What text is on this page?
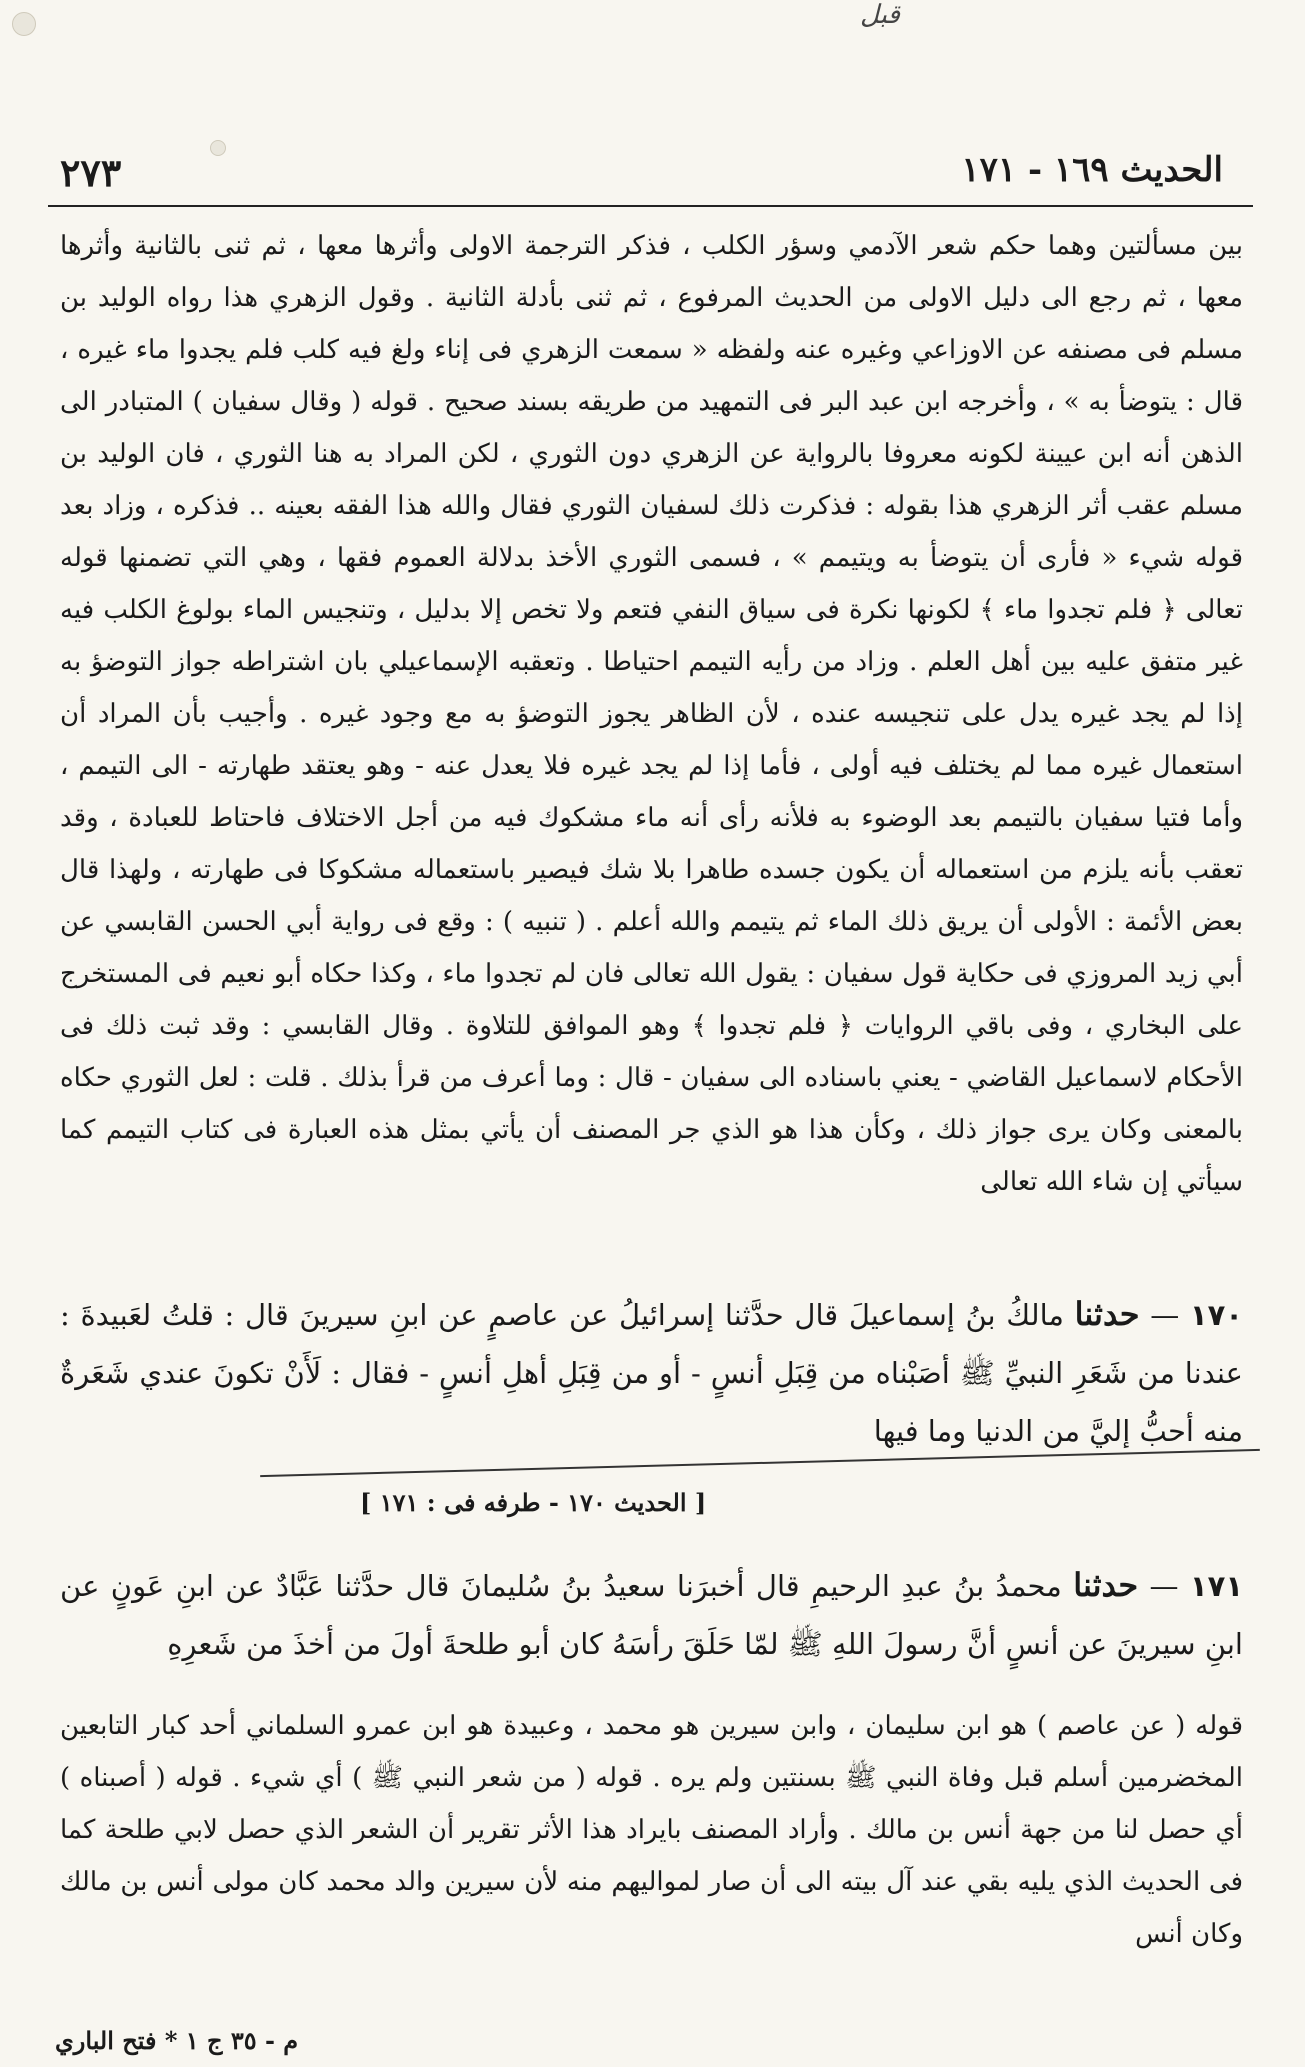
قبل
الحديث ١٦٩ - ١٧١
٢٧٣
بين مسألتين وهما حكم شعر الآدمي وسؤر الكلب ، فذكر الترجمة الاولى وأثرها معها ، ثم ثنى بالثانية وأثرها معها ، ثم رجع الى دليل الاولى من الحديث المرفوع ، ثم ثنى بأدلة الثانية . وقول الزهري هذا رواه الوليد بن مسلم فى مصنفه عن الاوزاعي وغيره عنه ولفظه « سمعت الزهري فى إناء ولغ فيه كلب فلم يجدوا ماء غيره ، قال : يتوضأ به » ، وأخرجه ابن عبد البر فى التمهيد من طريقه بسند صحيح . قوله ( وقال سفيان ) المتبادر الى الذهن أنه ابن عيينة لكونه معروفا بالرواية عن الزهري دون الثوري ، لكن المراد به هنا الثوري ، فان الوليد بن مسلم عقب أثر الزهري هذا بقوله : فذكرت ذلك لسفيان الثوري فقال والله هذا الفقه بعينه .. فذكره ، وزاد بعد قوله شيء « فأرى أن يتوضأ به ويتيمم » ، فسمى الثوري الأخذ بدلالة العموم فقها ، وهي التي تضمنها قوله تعالى ﴿ فلم تجدوا ماء ﴾ لكونها نكرة فى سياق النفي فتعم ولا تخص إلا بدليل ، وتنجيس الماء بولوغ الكلب فيه غير متفق عليه بين أهل العلم . وزاد من رأيه التيمم احتياطا . وتعقبه الإسماعيلي بان اشتراطه جواز التوضؤ به إذا لم يجد غيره يدل على تنجيسه عنده ، لأن الظاهر يجوز التوضؤ به مع وجود غيره . وأجيب بأن المراد أن استعمال غيره مما لم يختلف فيه أولى ، فأما إذا لم يجد غيره فلا يعدل عنه - وهو يعتقد طهارته - الى التيمم ، وأما فتيا سفيان بالتيمم بعد الوضوء به فلأنه رأى أنه ماء مشكوك فيه من أجل الاختلاف فاحتاط للعبادة ، وقد تعقب بأنه يلزم من استعماله أن يكون جسده طاهرا بلا شك فيصير باستعماله مشكوكا فى طهارته ، ولهذا قال بعض الأئمة : الأولى أن يريق ذلك الماء ثم يتيمم والله أعلم . ( تنبيه ) : وقع فى رواية أبي الحسن القابسي عن أبي زيد المروزي فى حكاية قول سفيان : يقول الله تعالى فان لم تجدوا ماء ، وكذا حكاه أبو نعيم فى المستخرج على البخاري ، وفى باقي الروايات ﴿ فلم تجدوا ﴾ وهو الموافق للتلاوة . وقال القابسي : وقد ثبت ذلك فى الأحكام لاسماعيل القاضي - يعني باسناده الى سفيان - قال : وما أعرف من قرأ بذلك . قلت : لعل الثوري حكاه بالمعنى وكان يرى جواز ذلك ، وكأن هذا هو الذي جر المصنف أن يأتي بمثل هذه العبارة فى كتاب التيمم كما سيأتي إن شاء الله تعالى
١٧٠ — حدثنا مالكُ بنُ إسماعيلَ قال حدَّثنا إسرائيلُ عن عاصمٍ عن ابنِ سيرينَ قال : قلتُ لعَبيدةَ : عندنا من شَعَرِ النبيِّ ﷺ أصَبْناه من قِبَلِ أنسٍ - أو من قِبَلِ أهلِ أنسٍ - فقال : لَأَنْ تكونَ عندي شَعَرةٌ منه أحبُّ إليَّ من الدنيا وما فيها
[ الحديث ١٧٠ - طرفه فى : ١٧١ ]
١٧١ — حدثنا محمدُ بنُ عبدِ الرحيمِ قال أخبرَنا سعيدُ بنُ سُليمانَ قال حدَّثنا عَبَّادٌ عن ابنِ عَونٍ عن ابنِ سيرينَ عن أنسٍ أنَّ رسولَ اللهِ ﷺ لمّا حَلَقَ رأسَهُ كان أبو طلحةَ أولَ من أخذَ من شَعرِهِ
قوله ( عن عاصم ) هو ابن سليمان ، وابن سيرين هو محمد ، وعبيدة هو ابن عمرو السلماني أحد كبار التابعين المخضرمين أسلم قبل وفاة النبي ﷺ بسنتين ولم يره . قوله ( من شعر النبي ﷺ ) أي شيء . قوله ( أصبناه ) أي حصل لنا من جهة أنس بن مالك . وأراد المصنف بايراد هذا الأثر تقرير أن الشعر الذي حصل لابي طلحة كما فى الحديث الذي يليه بقي عند آل بيته الى أن صار لمواليهم منه لأن سيرين والد محمد كان مولى أنس بن مالك وكان أنس
م - ٣٥ ج ١ * فتح الباري
